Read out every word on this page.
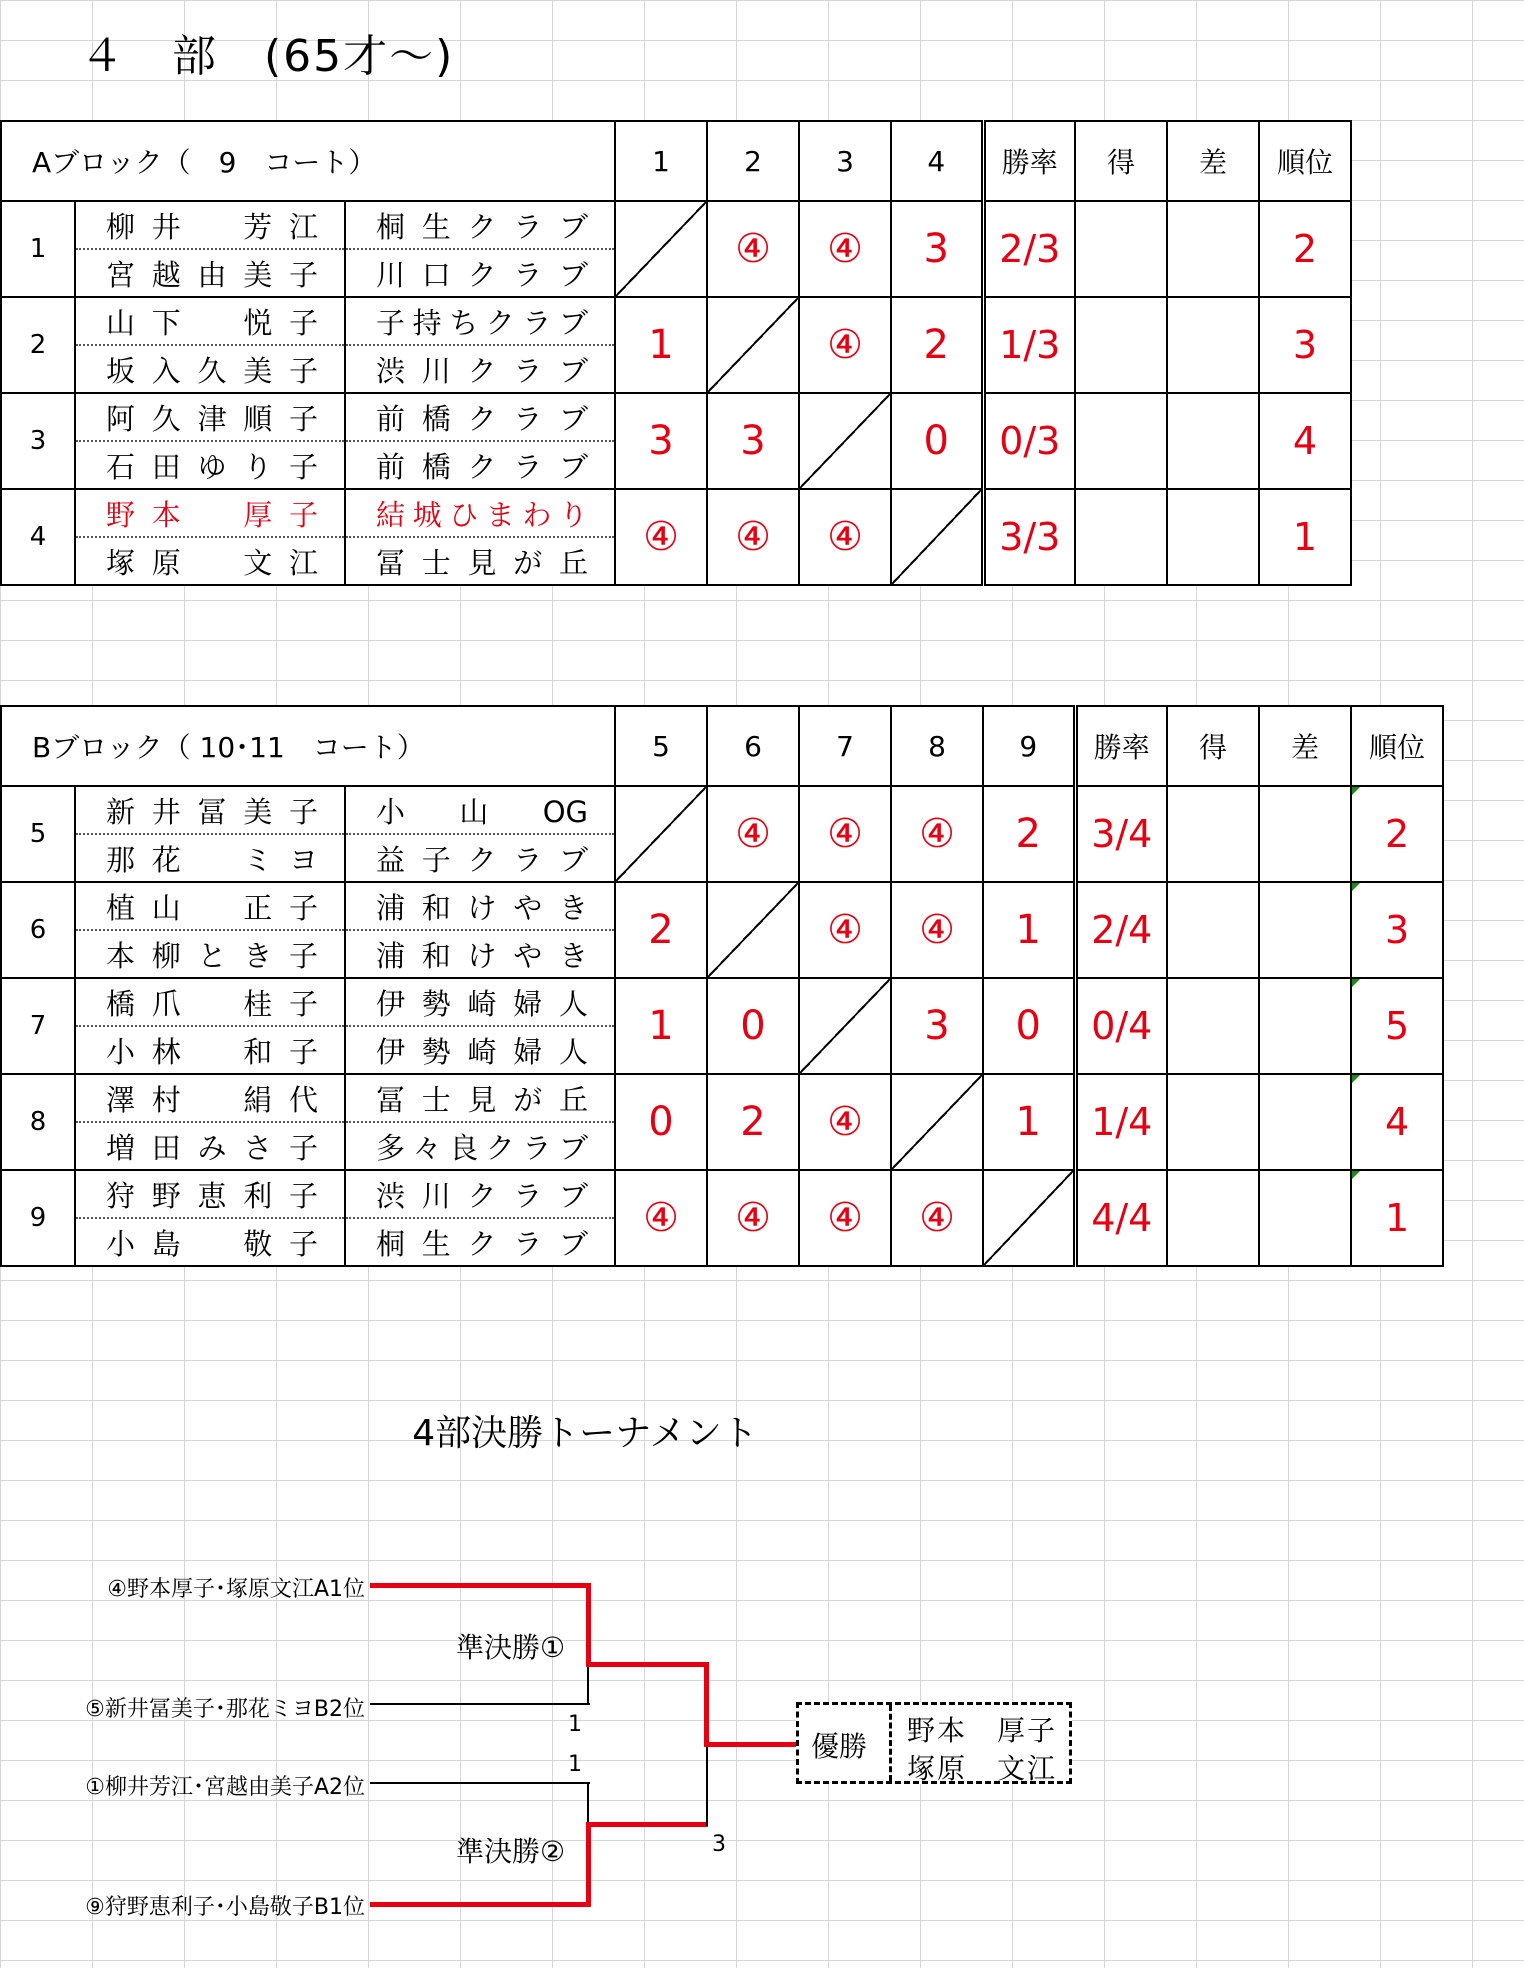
４　部　(65才～)
Aブロック（　9　コート）			1	2	3	4	勝率	得	差	順位
1	柳井　芳江	桐生クラブ		④	④	3	2/3			2
	宮越由美子	川口クラブ								
2	山下　悦子	子持ちクラブ	1		④	2	1/3			3
	坂入久美子	渋川クラブ								
3	阿久津順子	前橋クラブ	3	3		0	0/3			4
	石田ゆり子	前橋クラブ								
4	野本　厚子	結城ひまわり	④	④	④		3/3			1
	塚原　文江	冨士見が丘								
Bブロック（ 10･11　コート）			5	6	7	8	9	勝率	得	差	順位
5	新井冨美子	小　山　OG		④	④	④	2	3/4			2
	那花　ミヨ	益子クラブ									
6	植山　正子	浦和けやき	2		④	④	1	2/4			3
	本柳とき子	浦和けやき									
7	橋爪　桂子	伊勢崎婦人	1	0		3	0	0/4			5
	小林　和子	伊勢崎婦人									
8	澤村　絹代	冨士見が丘	0	2	④		1	1/4			4
	増田みさ子	多々良クラブ									
9	狩野恵利子	渋川クラブ	④	④	④	④		4/4			1
	小島　敬子	桐生クラブ									
4部決勝トーナメント
④野本厚子･塚原文江A1位
⑤新井冨美子･那花ミヨB2位
①柳井芳江･宮越由美子A2位
⑨狩野恵利子･小島敬子B1位
準決勝①
準決勝②
1
1
3
優勝 野本　厚子
塚原　文江
